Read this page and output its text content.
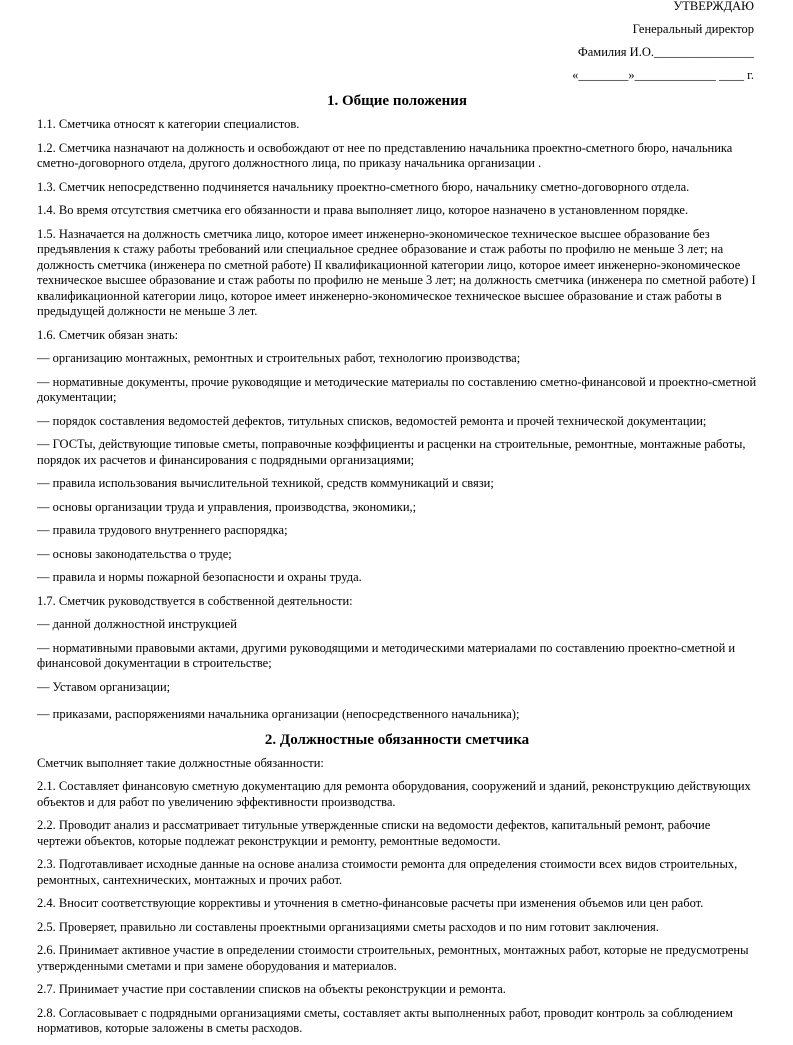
УТВЕРЖДАЮ
Генеральный директор
Фамилия И.О.________________
«________»_____________ ____ г.
1. Общие положения

1.1. Сметчика относят к категории специалистов.

1.2. Сметчика назначают на должность и освобождают от нее по представлению начальника проектно-сметного бюро, начальника сметно-договорного отдела, другого должностного лица, по приказу начальника организации .

1.3. Сметчик непосредственно подчиняется начальнику проектно-сметного бюро, начальнику сметно-договорного отдела.

1.4. Во время отсутствия сметчика его обязанности и права выполняет лицо, которое назначено в установленном порядке.

1.5. Назначается на должность сметчика лицо, которое имеет инженерно-экономическое техническое высшее образование без предъявления к стажу работы требований или специальное среднее образование и стаж работы по профилю не меньше 3 лет; на должность сметчика (инженера по сметной работе) II квалификационной категории лицо, которое имеет инженерно-экономическое техническое высшее образование и стаж работы по профилю не меньше 3 лет; на должность сметчика (инженера по сметной работе) I квалификационной категории лицо, которое имеет инженерно-экономическое техническое высшее образование и стаж работы в предыдущей должности не меньше 3 лет.

1.6. Сметчик обязан знать:

— организацию монтажных, ремонтных и строительных работ, технологию производства;

— нормативные документы, прочие руководящие и методические материалы по составлению сметно-финансовой и проектно-сметной документации;

— порядок составления ведомостей дефектов, титульных списков, ведомостей ремонта и прочей технической документации;

— ГОСТы, действующие типовые сметы, поправочные коэффициенты и расценки на строительные, ремонтные, монтажные работы, порядок их расчетов и финансирования с подрядными организациями;

— правила использования вычислительной техникой, средств коммуникаций и связи;

— основы организации труда и управления, производства, экономики,;

— правила трудового внутреннего распорядка;

— основы законодательства о труде;

— правила и нормы пожарной безопасности и охраны труда.

1.7. Сметчик руководствуется в собственной деятельности:

— данной должностной инструкцией

— нормативными правовыми актами, другими руководящими и методическими материалами по составлению проектно-сметной и финансовой документации в строительстве;

— Уставом организации;

— приказами, распоряжениями начальника организации (непосредственного начальника);

2. Должностные обязанности сметчика

Сметчик выполняет такие должностные обязанности:

2.1. Составляет финансовую сметную документацию для ремонта оборудования, сооружений и зданий, реконструкцию действующих объектов и для работ по увеличению эффективности производства.

2.2. Проводит анализ и рассматривает титульные утвержденные списки на ведомости дефектов, капитальный ремонт, рабочие чертежи объектов, которые подлежат реконструкции и ремонту, ремонтные ведомости.

2.3. Подготавливает исходные данные на основе анализа стоимости ремонта для определения стоимости всех видов строительных, ремонтных, сантехнических, монтажных и прочих работ.

2.4. Вносит соответствующие коррективы и уточнения в сметно-финансовые расчеты при изменения объемов или цен работ.

2.5. Проверяет, правильно ли составлены проектными организациями сметы расходов и по ним готовит заключения.

2.6. Принимает активное участие в определении стоимости строительных, ремонтных, монтажных работ, которые не предусмотрены утвержденными сметами и при замене оборудования и материалов.

2.7. Принимает участие при составлении списков на объекты реконструкции и ремонта.

2.8. Согласовывает с подрядными организациями сметы, составляет акты выполненных работ, проводит контроль за соблюдением нормативов, которые заложены в сметы расходов.
